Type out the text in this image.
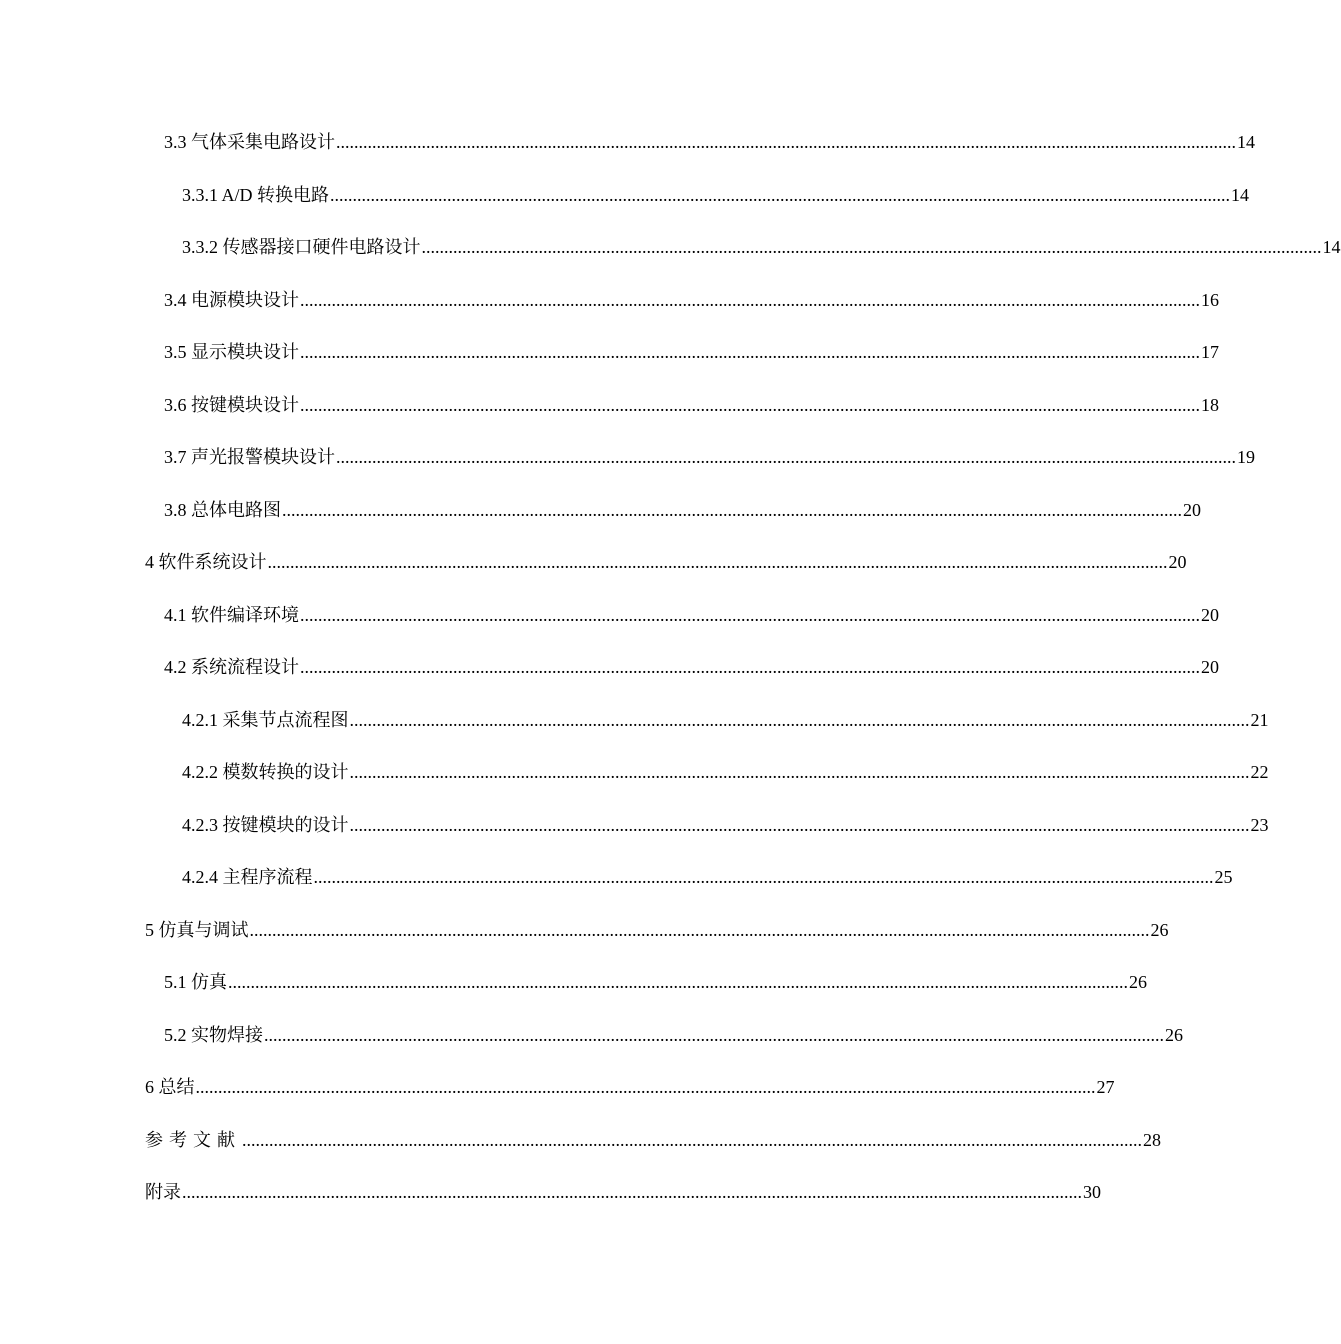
3.3 气体采集电路设计 ........................................................................................................................................................................................................ 14
3.3.1 A/D 转换电路 ........................................................................................................................................................................................................ 14
3.3.2 传感器接口硬件电路设计 ........................................................................................................................................................................................................ 14
3.4 电源模块设计 ........................................................................................................................................................................................................ 16
3.5 显示模块设计 ........................................................................................................................................................................................................ 17
3.6 按键模块设计 ........................................................................................................................................................................................................ 18
3.7 声光报警模块设计 ........................................................................................................................................................................................................ 19
3.8 总体电路图 ........................................................................................................................................................................................................ 20
4 软件系统设计 ........................................................................................................................................................................................................ 20
4.1 软件编译环境 ........................................................................................................................................................................................................ 20
4.2 系统流程设计 ........................................................................................................................................................................................................ 20
4.2.1 采集节点流程图 ........................................................................................................................................................................................................ 21
4.2.2 模数转换的设计 ........................................................................................................................................................................................................ 22
4.2.3 按键模块的设计 ........................................................................................................................................................................................................ 23
4.2.4 主程序流程 ........................................................................................................................................................................................................ 25
5 仿真与调试 ........................................................................................................................................................................................................ 26
5.1 仿真 ........................................................................................................................................................................................................ 26
5.2 实物焊接 ........................................................................................................................................................................................................ 26
6 总结 ........................................................................................................................................................................................................ 27
参考文献 ........................................................................................................................................................................................................ 28
附录 ........................................................................................................................................................................................................ 30
